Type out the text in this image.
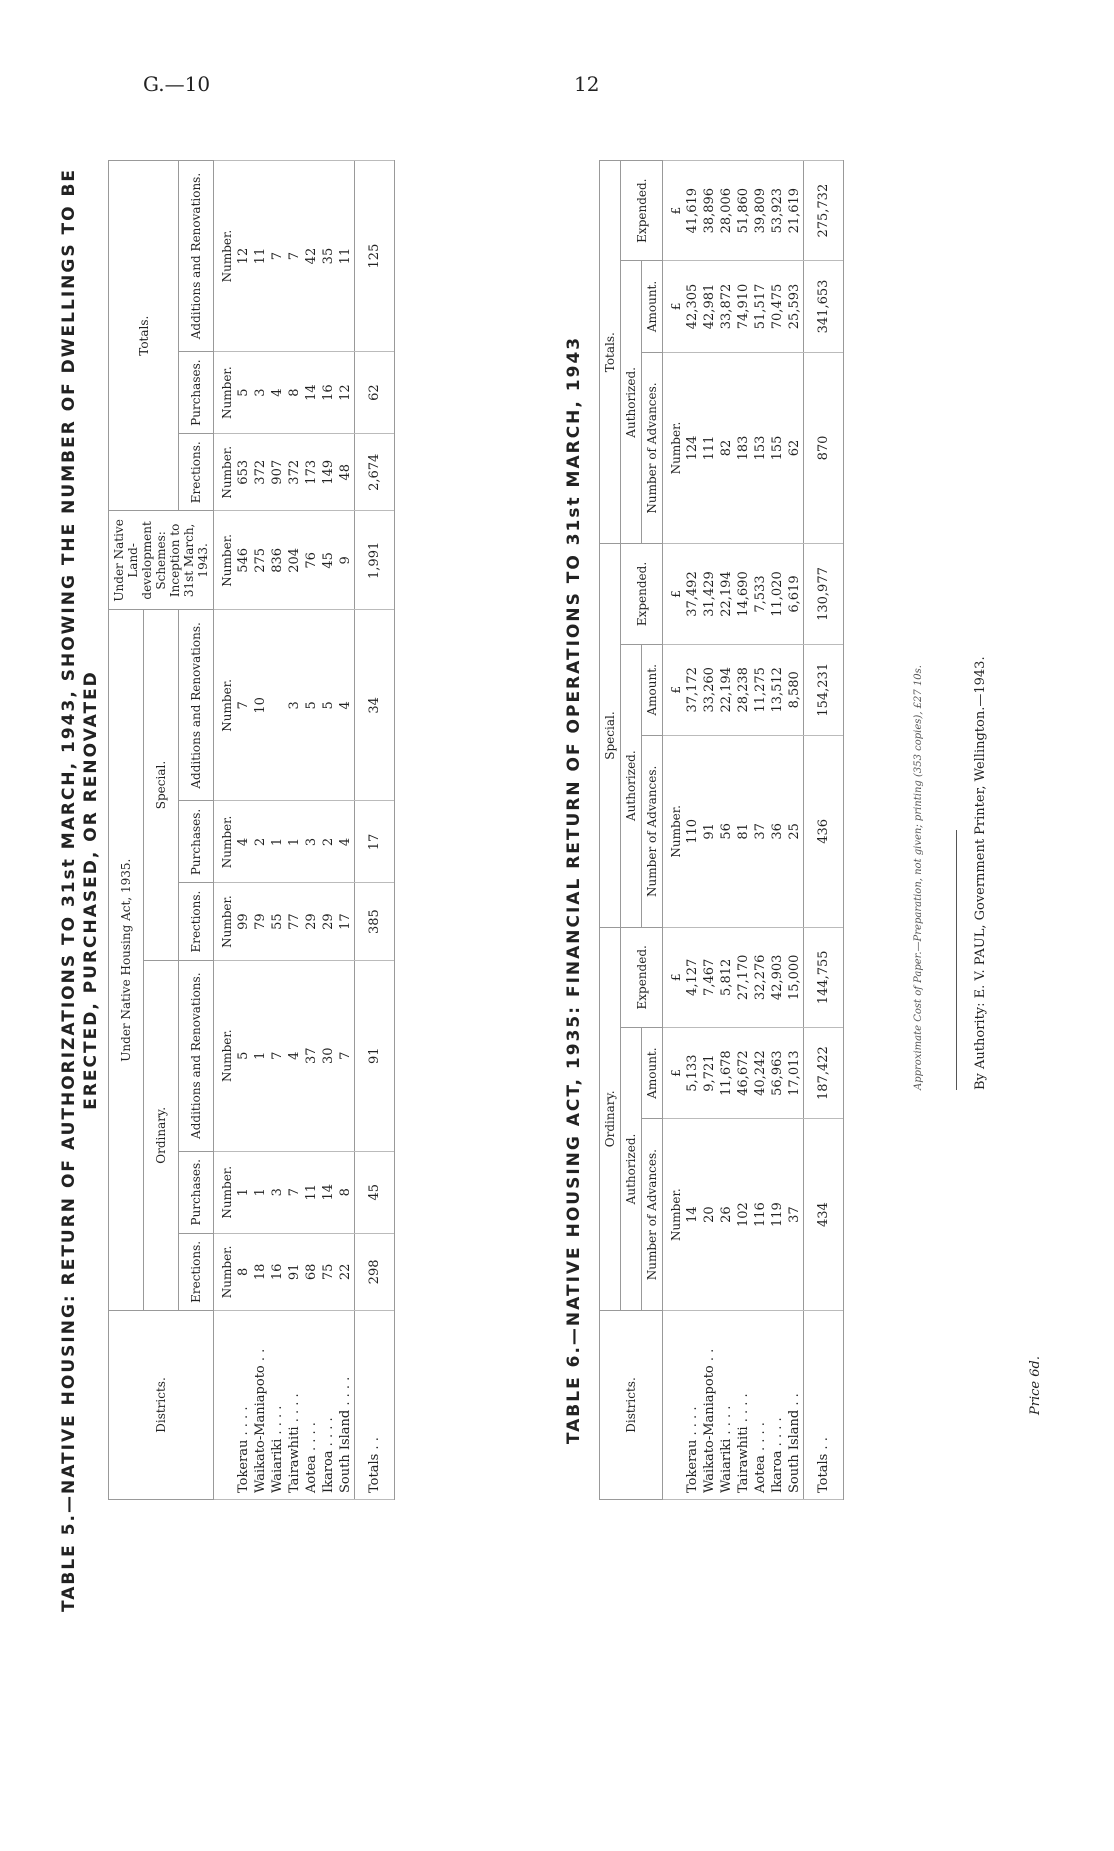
G.—10	12
TABLE 5.—NATIVE HOUSING: RETURN OF AUTHORIZATIONS TO 31st MARCH, 1943, SHOWING THE NUMBER OF DWELLINGS TO BE ERECTED, PURCHASED, OR RENOVATED
Districts.	Under Native Housing Act, 1935.						Under Native Land-development Schemes: Inception to 31st March, 1943.	Totals.		
	Ordinary.			Special.						
	Erections.	Purchases.	Additions and Renovations.	Erections.	Purchases.	Additions and Renovations.		Erections.	Purchases.	Additions and Renovations.
	Number.	Number.	Number.	Number.	Number.	Number.	Number.	Number.	Number.	Number.
Tokerau . . . .	8	1	5	99	4	7	546	653	5	12
Waikato-Maniapoto . .	18	1	1	79	2	10	275	372	3	11
Waiariki . . . .	16	3	7	55	1		836	907	4	7
Tairawhiti . . . .	91	7	4	77	1	3	204	372	8	7
Aotea . . . .	68	11	37	29	3	5	76	173	14	42
Ikaroa . . . .	75	14	30	29	2	5	45	149	16	35
South Island . . . .	22	8	7	17	4	4	9	48	12	11
Totals . .	298	45	91	385	17	34	1,991	2,674	62	125
TABLE 6.—NATIVE HOUSING ACT, 1935: FINANCIAL RETURN OF OPERATIONS TO 31st MARCH, 1943	Districts.	Ordinary.			Special.			Totals.		
	Authorized.		Expended.	Authorized.		Expended.	Authorized.		Expended.
	Number of Advances.	Amount.		Number of Advances.	Amount.		Number of Advances.	Amount.	
	Number.	£	£	Number.	£	£	Number.	£	£
Tokerau . . . .	14	5,133	4,127	110	37,172	37,492	124	42,305	41,619
Waikato-Maniapoto . .	20	9,721	7,467	91	33,260	31,429	111	42,981	38,896
Waiariki . . . .	26	11,678	5,812	56	22,194	22,194	82	33,872	28,006
Tairawhiti . . . .	102	46,672	27,170	81	28,238	14,690	183	74,910	51,860
Aotea . . . .	116	40,242	32,276	37	11,275	7,533	153	51,517	39,809
Ikaroa . . . .	119	56,963	42,903	36	13,512	11,020	155	70,475	53,923
South Island . .	37	17,013	15,000	25	8,580	6,619	62	25,593	21,619
Totals . .	434	187,422	144,755	436	154,231	130,977	870	341,653	275,732
Approximate Cost of Paper.—Preparation, not given; printing (353 copies), £27 10s.	By Authority: E. V. PAUL, Government Printer, Wellington.—1943.
Price 6d.
